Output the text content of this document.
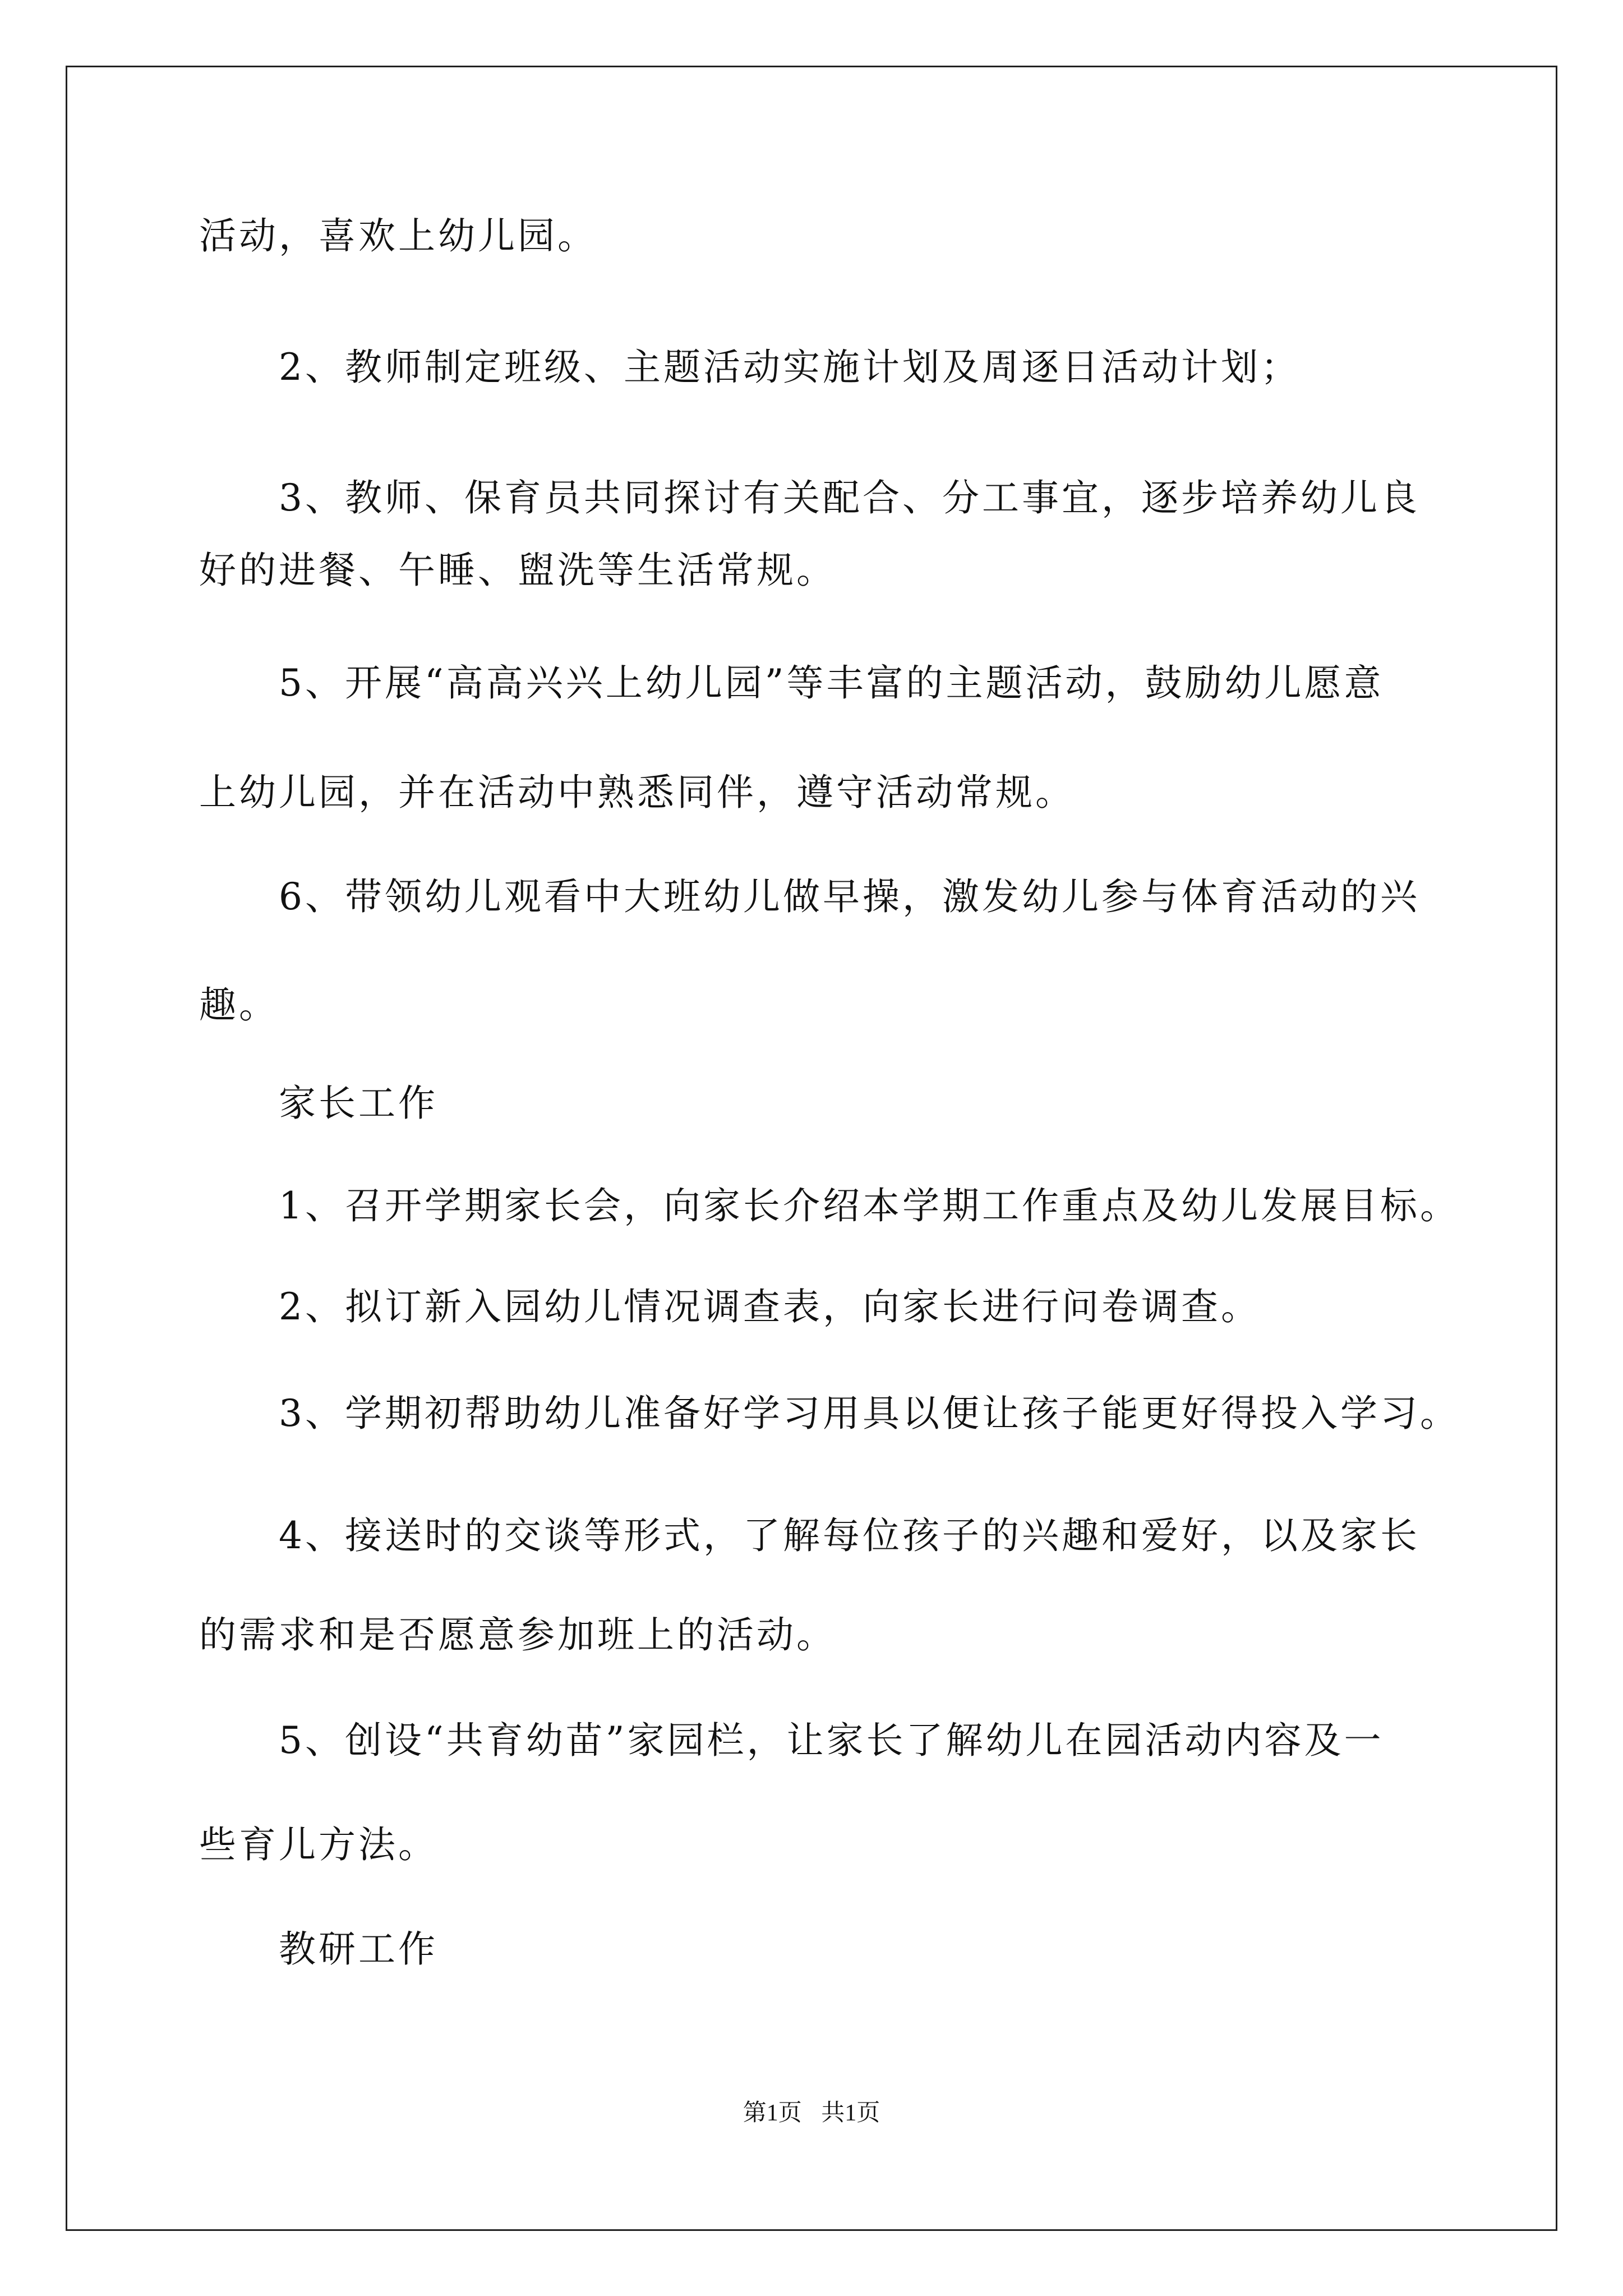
活动，喜欢上幼儿园。

2、教师制定班级、主题活动实施计划及周逐日活动计划；

3、教师、保育员共同探讨有关配合、分工事宜，逐步培养幼儿良

好的进餐、午睡、盥洗等生活常规。

5、开展“高高兴兴上幼儿园”等丰富的主题活动，鼓励幼儿愿意

上幼儿园，并在活动中熟悉同伴，遵守活动常规。

6、带领幼儿观看中大班幼儿做早操，激发幼儿参与体育活动的兴

趣。

家长工作

1、召开学期家长会，向家长介绍本学期工作重点及幼儿发展目标。

2、拟订新入园幼儿情况调查表，向家长进行问卷调查。

3、学期初帮助幼儿准备好学习用具以便让孩子能更好得投入学习。

4、接送时的交谈等形式，了解每位孩子的兴趣和爱好，以及家长

的需求和是否愿意参加班上的活动。

5、创设“共育幼苗”家园栏，让家长了解幼儿在园活动内容及一

些育儿方法。

教研工作

第1页 共1页
